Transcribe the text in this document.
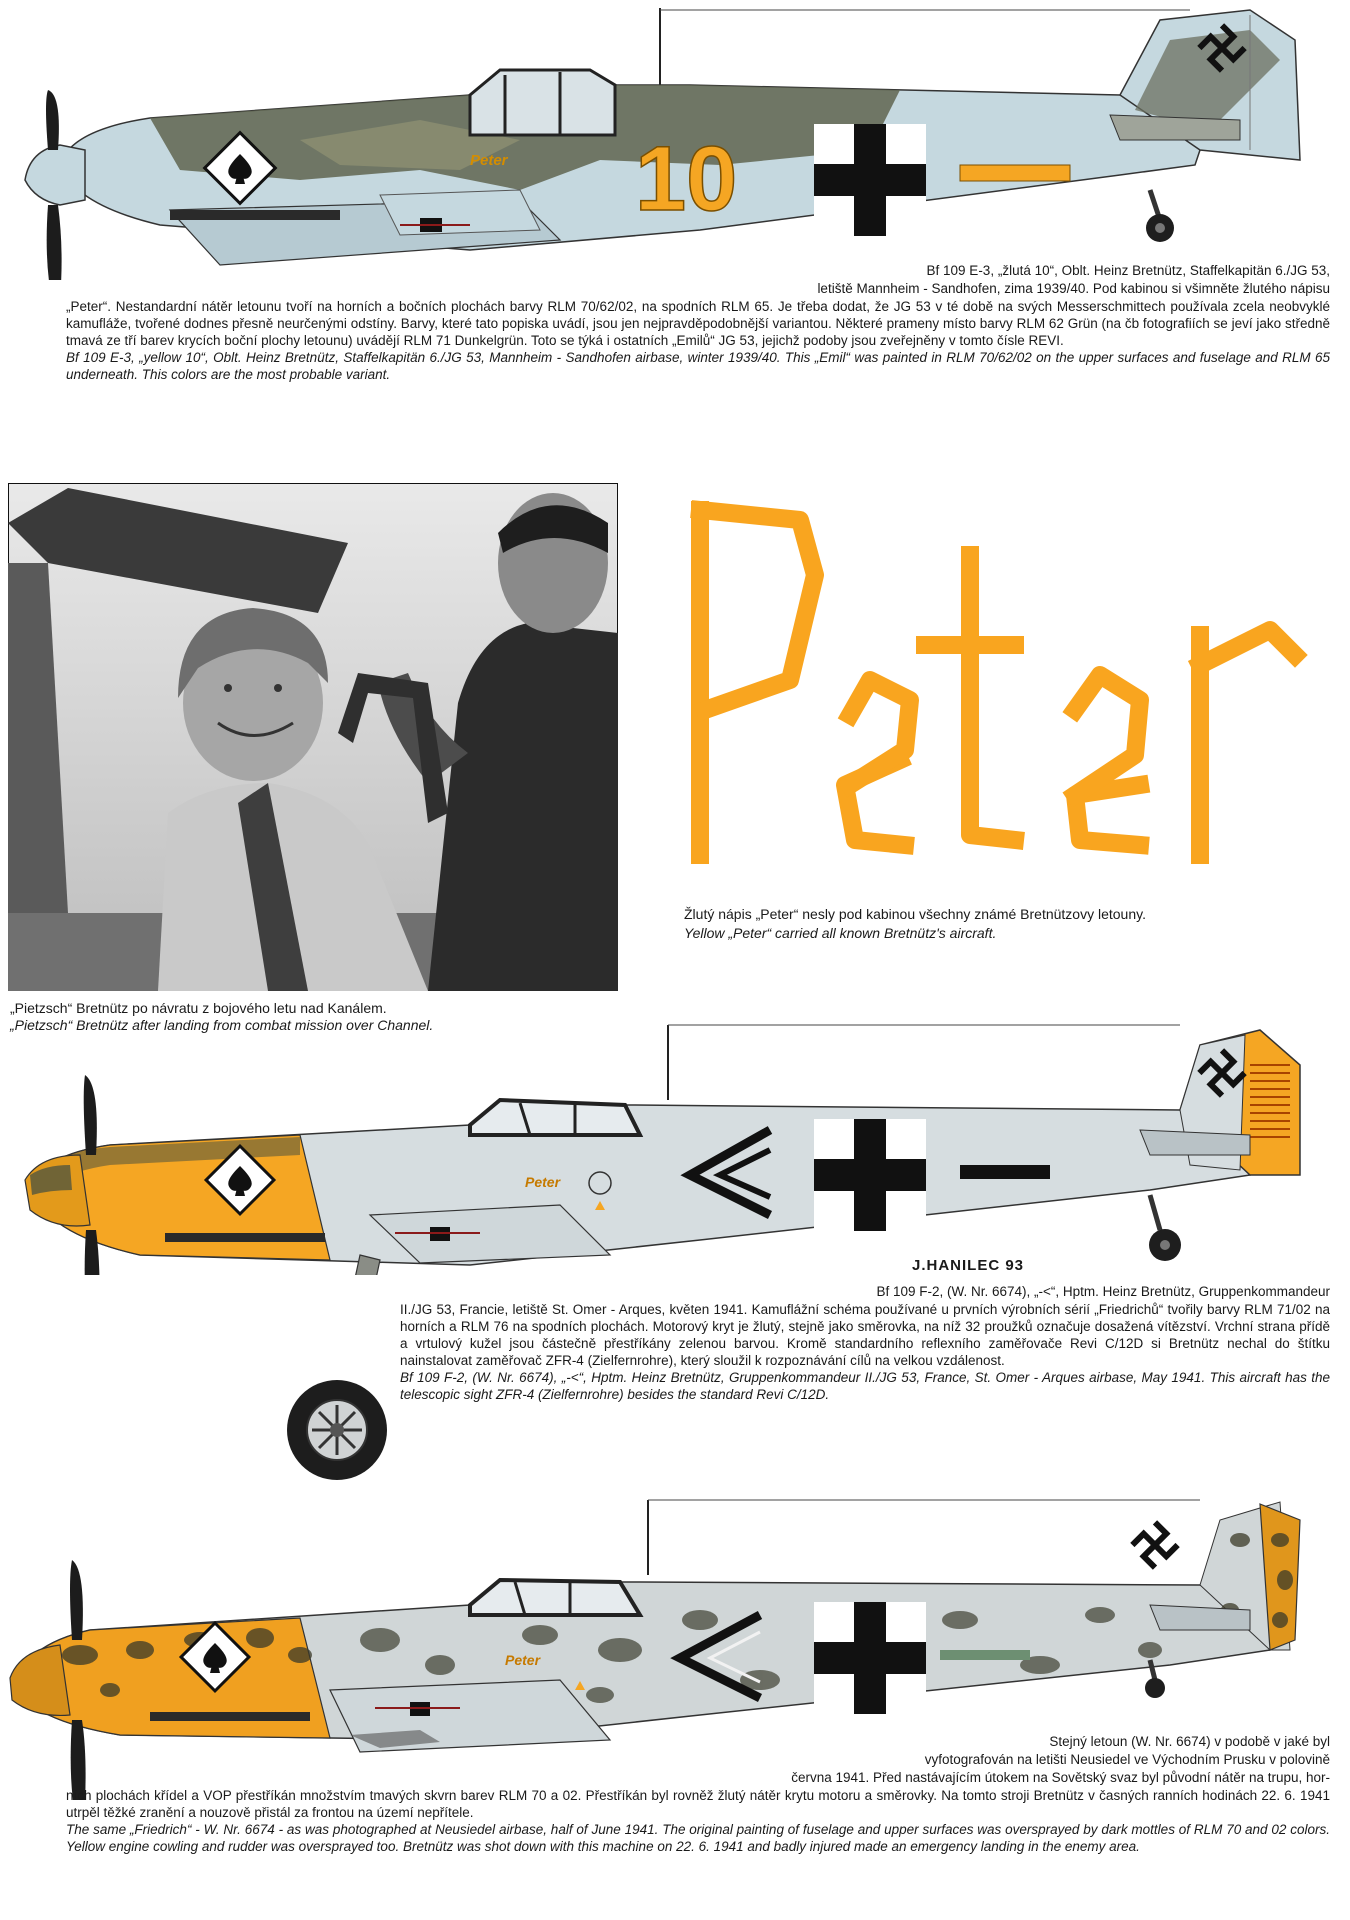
10
Peter
Bf 109 E-3, „žlutá 10“, Oblt. Heinz Bretnütz, Staffelkapitän 6./JG 53,
letiště Mannheim - Sandhofen, zima 1939/40. Pod kabinou si všimněte žlutého nápisu

„Peter“. Nestandardní nátěr letounu tvoří na horních a bočních plochách barvy RLM 70/62/02, na spodních RLM 65. Je třeba dodat, že JG 53 v té době na svých Messerschmittech používala zcela neobvyklé kamufláže, tvořené dodnes přesně neurčenými odstíny. Barvy, které tato popiska uvádí, jsou jen nejpravděpodobnější variantou. Některé prameny místo barvy RLM 62 Grün (na čb fotografiích se jeví jako středně tmavá ze tří barev krycích boční plochy letounu) uvádějí RLM 71 Dunkelgrün. Toto se týká i ostatních „Emilů“ JG 53, jejichž podoby jsou zveřejněny v tomto čísle REVI.

Bf 109 E-3, „yellow 10“, Oblt. Heinz Bretnütz, Staffelkapitän 6./JG 53, Mannheim - Sandhofen airbase, winter 1939/40. This „Emil“ was painted in RLM 70/62/02 on the upper surfaces and fuselage and RLM 65 underneath. This colors are the most probable variant.

„Pietzsch“ Bretnütz po návratu z bojového letu nad Kanálem.

„Pietzsch“ Bretnütz after landing from combat mission over Channel.

Žlutý nápis „Peter“ nesly pod kabinou všechny známé Bretnützovy letouny.

Yellow „Peter“ carried all known Bretnütz's aircraft.

Peter
J.HANILEC 93
Bf 109 F-2, (W. Nr. 6674), „-<“, Hptm. Heinz Bretnütz, Gruppenkommandeur

II./JG 53, Francie, letiště St. Omer - Arques, květen 1941. Kamuflážní schéma používané u prvních výrobních sérií „Friedrichů“ tvořily barvy RLM 71/02 na horních a RLM 76 na spodních plochách. Motorový kryt je žlutý, stejně jako směrovka, na níž 32 proužků označuje dosažená vítězství. Vrchní strana přídě a vrtulový kužel jsou částečně přestříkány zelenou barvou. Kromě standardního reflexního zaměřovače Revi C/12D si Bretnütz nechal do štítku nainstalovat zaměřovač ZFR-4 (Zielfernrohre), který sloužil k rozpoznávání cílů na velkou vzdálenost.

Bf 109 F-2, (W. Nr. 6674), „-<“, Hptm. Heinz Bretnütz, Gruppenkommandeur II./JG 53, France, St. Omer - Arques airbase, May 1941. This aircraft has the telescopic sight ZFR-4 (Zielfernrohre) besides the standard Revi C/12D.

Peter
Stejný letoun (W. Nr. 6674) v podobě v jaké byl
vyfotografován na letišti Neusiedel ve Východním Prusku v polovině
června 1941. Před nastávajícím útokem na Sovětský svaz byl původní nátěr na trupu, hor-

ních plochách křídel a VOP přestříkán množstvím tmavých skvrn barev RLM 70 a 02. Přestříkán byl rovněž žlutý nátěr krytu motoru a směrovky. Na tomto stroji Bretnütz v časných ranních hodinách 22. 6. 1941 utrpěl těžké zranění a nouzově přistál za frontou na území nepřítele.

The same „Friedrich“ - W. Nr. 6674 - as was photographed at Neusiedel airbase, half of June 1941. The original painting of fuselage and upper surfaces was oversprayed by dark mottles of RLM 70 and 02 colors. Yellow engine cowling and rudder was oversprayed too. Bretnütz was shot down with this machine on 22. 6. 1941 and badly injured made an emergency landing in the enemy area.
